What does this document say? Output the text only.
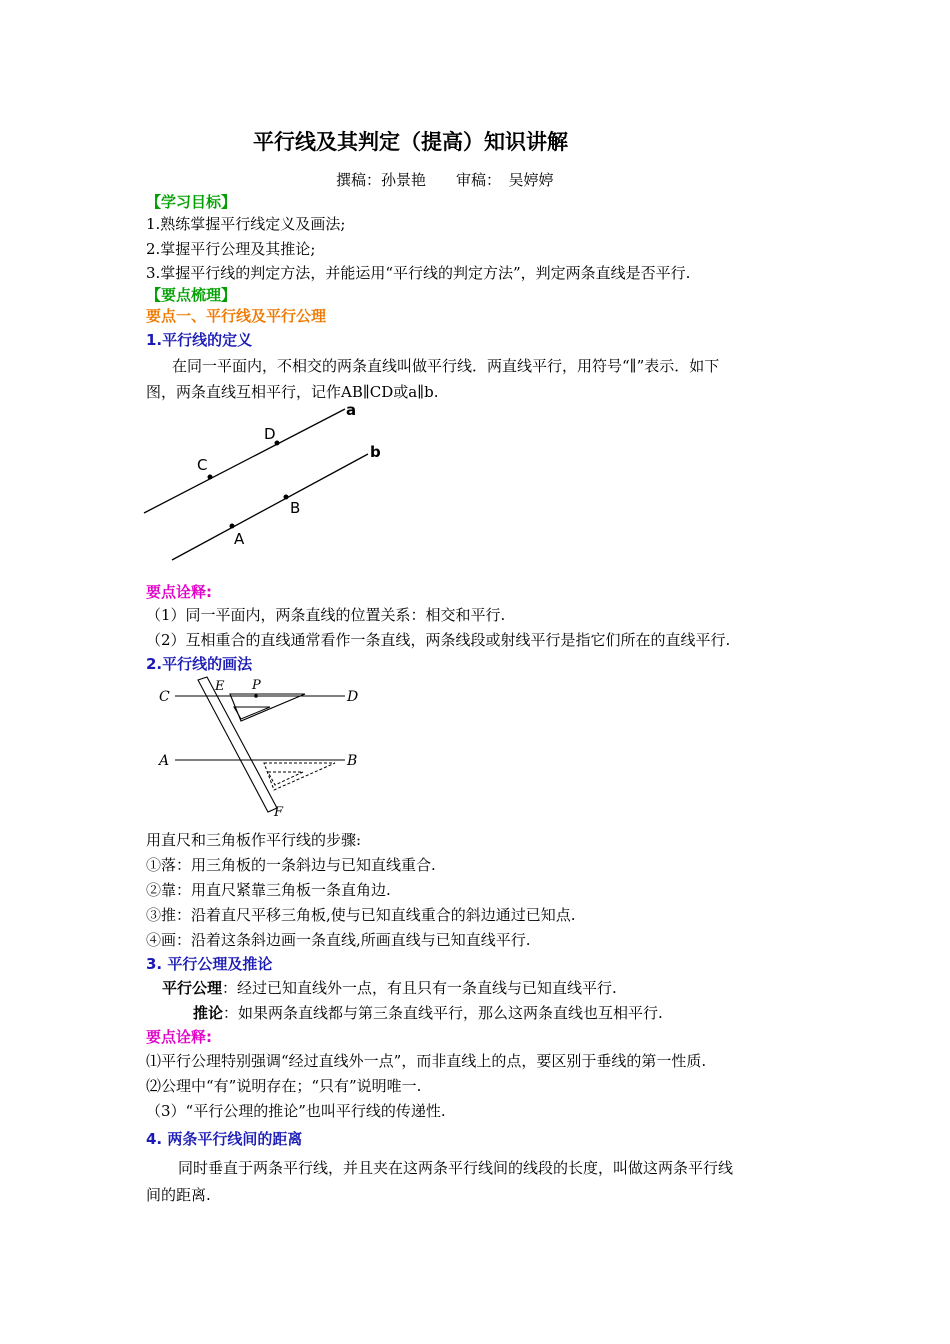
平行线及其判定（提高）知识讲解
撰稿：孙景艳　　审稿：　吴婷婷
【学习目标】
1.熟练掌握平行线定义及画法;
2.掌握平行公理及其推论;
3.掌握平行线的判定方法，并能运用“平行线的判定方法”，判定两条直线是否平行.
【要点梳理】
要点一、平行线及平行公理
1.平行线的定义
在同一平面内，不相交的两条直线叫做平行线．两直线平行，用符号“∥”表示．如下
图，两条直线互相平行，记作AB∥CD或a∥b.
a
b
C
D
A
B
要点诠释:
（1）同一平面内，两条直线的位置关系：相交和平行.
（2）互相重合的直线通常看作一条直线，两条线段或射线平行是指它们所在的直线平行.
2.平行线的画法
C
E P
D
A	B
F
用直尺和三角板作平行线的步骤:
①落：用三角板的一条斜边与已知直线重合.
②靠：用直尺紧靠三角板一条直角边.
③推：沿着直尺平移三角板,使与已知直线重合的斜边通过已知点.
④画：沿着这条斜边画一条直线,所画直线与已知直线平行.
3. 平行公理及推论
平行公理：经过已知直线外一点，有且只有一条直线与已知直线平行.
推论：如果两条直线都与第三条直线平行，那么这两条直线也互相平行.
要点诠释:
⑴平行公理特别强调“经过直线外一点”，而非直线上的点，要区别于垂线的第一性质.
⑵公理中“有”说明存在；“只有”说明唯一.
（3）“平行公理的推论”也叫平行线的传递性.
4. 两条平行线间的距离
同时垂直于两条平行线，并且夹在这两条平行线间的线段的长度，叫做这两条平行线
间的距离.
